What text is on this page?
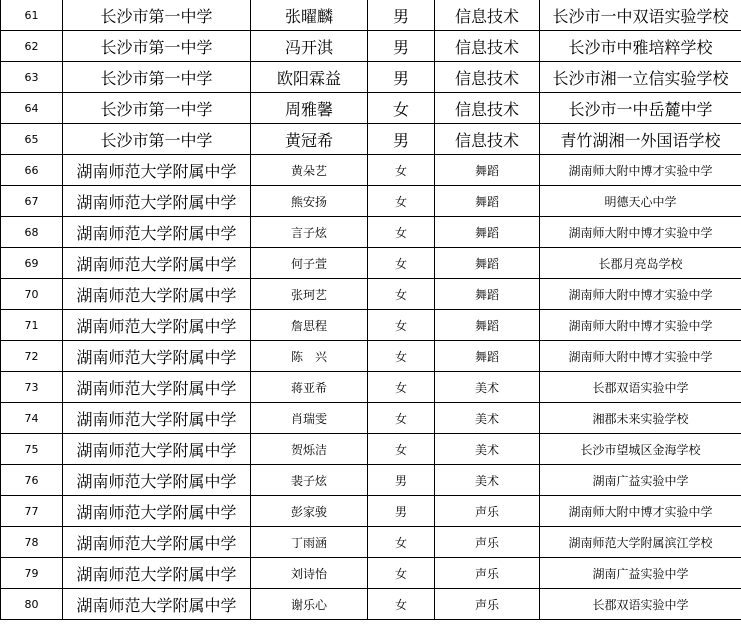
61	长沙市第一中学	张曜麟	男	信息技术	长沙市一中双语实验学校
62	长沙市第一中学	冯开淇	男	信息技术	长沙市中雅培粹学校
63	长沙市第一中学	欧阳霖益	男	信息技术	长沙市湘一立信实验学校
64	长沙市第一中学	周雅馨	女	信息技术	长沙市一中岳麓中学
65	长沙市第一中学	黄冠希	男	信息技术	青竹湖湘一外国语学校
66	湖南师范大学附属中学	黄朵艺	女	舞蹈	湖南师大附中博才实验中学
67	湖南师范大学附属中学	熊安扬	女	舞蹈	明德天心中学
68	湖南师范大学附属中学	言子炫	女	舞蹈	湖南师大附中博才实验中学
69	湖南师范大学附属中学	何子萱	女	舞蹈	长郡月亮岛学校
70	湖南师范大学附属中学	张珂艺	女	舞蹈	湖南师大附中博才实验中学
71	湖南师范大学附属中学	詹思程	女	舞蹈	湖南师大附中博才实验中学
72	湖南师范大学附属中学	陈　兴	女	舞蹈	湖南师大附中博才实验中学
73	湖南师范大学附属中学	蒋亚希	女	美术	长郡双语实验中学
74	湖南师范大学附属中学	肖瑞雯	女	美术	湘郡未来实验学校
75	湖南师范大学附属中学	贺烁洁	女	美术	长沙市望城区金海学校
76	湖南师范大学附属中学	裴子炫	男	美术	湖南广益实验中学
77	湖南师范大学附属中学	彭家骏	男	声乐	湖南师大附中博才实验中学
78	湖南师范大学附属中学	丁雨涵	女	声乐	湖南师范大学附属滨江学校
79	湖南师范大学附属中学	刘诗怡	女	声乐	湖南广益实验中学
80	湖南师范大学附属中学	谢乐心	女	声乐	长郡双语实验中学
